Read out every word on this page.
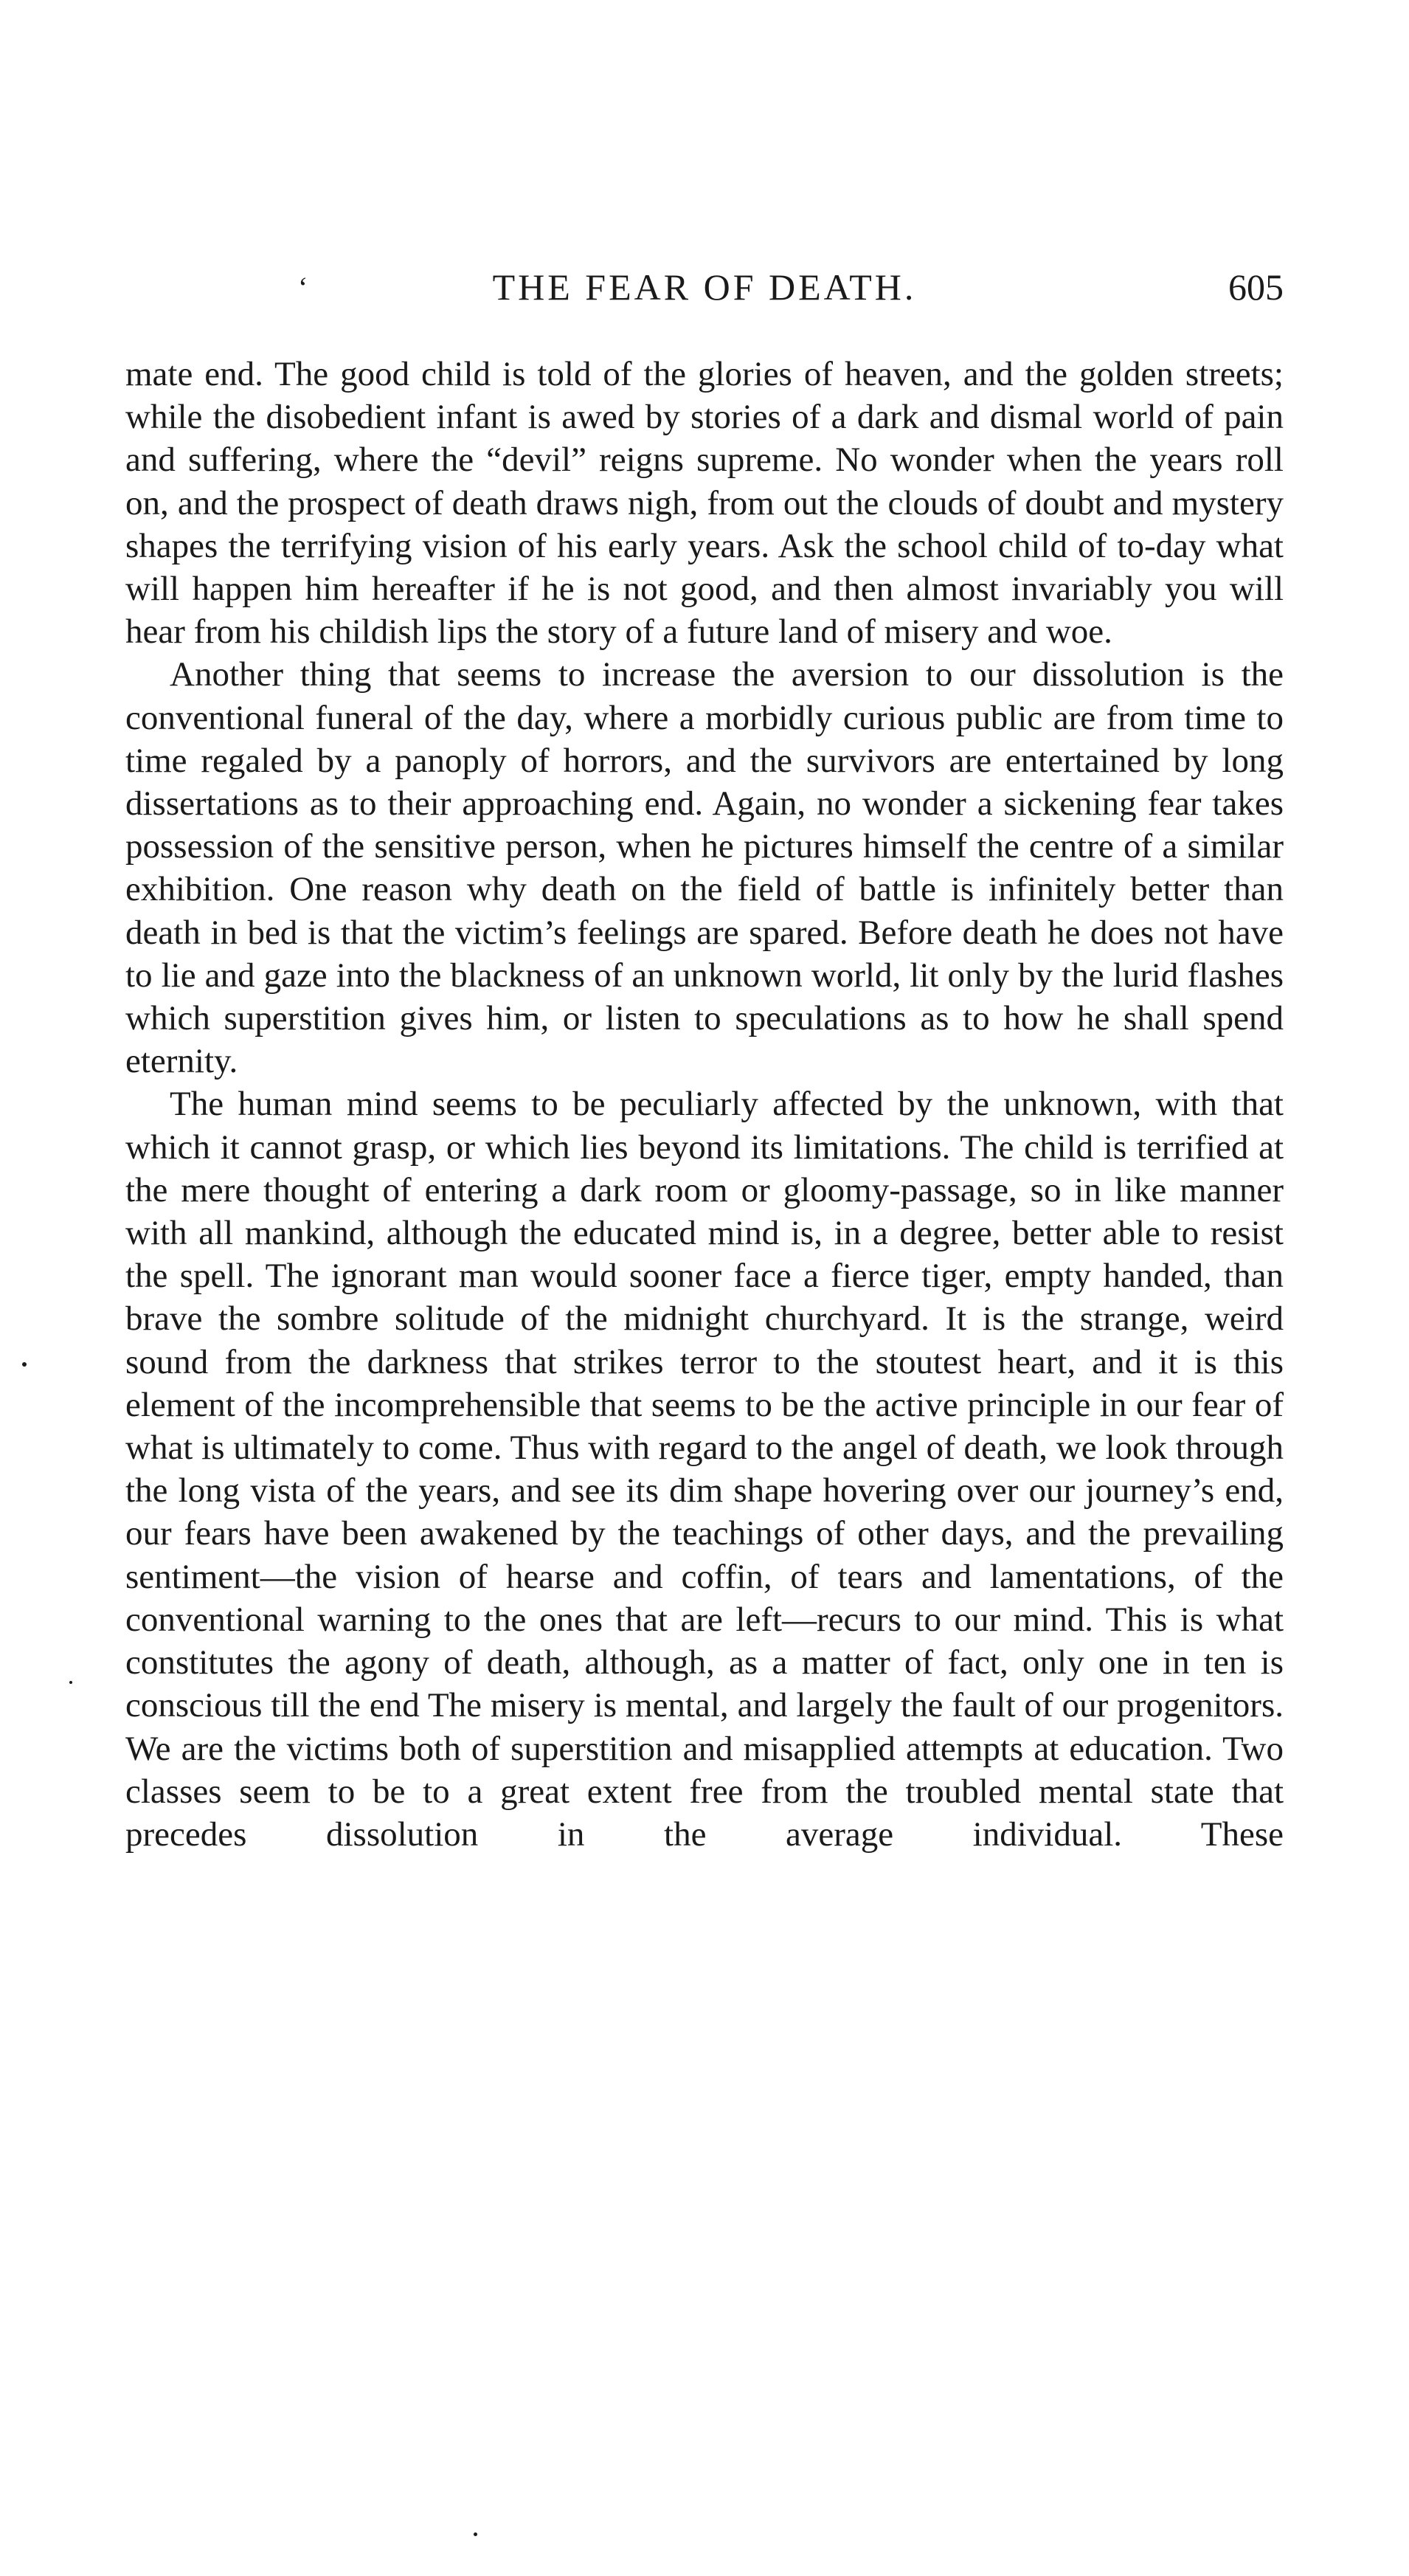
‘	THE FEAR OF DEATH.	605

mate end. The good child is told of the glories of heaven, and the golden streets; while the disobedient infant is awed by stories of a dark and dismal world of pain and suffering, where the “devil” reigns supreme. No wonder when the years roll on, and the prospect of death draws nigh, from out the clouds of doubt and mystery shapes the terrifying vision of his early years. Ask the school child of to-day what will happen him hereafter if he is not good, and then almost invariably you will hear from his childish lips the story of a future land of misery and woe.

Another thing that seems to increase the aversion to our dissolution is the conventional funeral of the day, where a morbidly curious public are from time to time regaled by a panoply of horrors, and the survivors are entertained by long dissertations as to their approaching end. Again, no wonder a sickening fear takes possession of the sensitive person, when he pictures himself the centre of a similar exhibition. One reason why death on the field of battle is infinitely better than death in bed is that the victim’s feelings are spared. Before death he does not have to lie and gaze into the blackness of an unknown world, lit only by the lurid flashes which superstition gives him, or listen to speculations as to how he shall spend eternity.

The human mind seems to be peculiarly affected by the unknown, with that which it cannot grasp, or which lies beyond its limitations. The child is terrified at the mere thought of entering a dark room or gloomy-passage, so in like manner with all mankind, although the educated mind is, in a degree, better able to resist the spell. The ignorant man would sooner face a fierce tiger, empty handed, than brave the sombre solitude of the midnight churchyard. It is the strange, weird sound from the darkness that strikes terror to the stoutest heart, and it is this element of the incomprehensible that seems to be the active principle in our fear of what is ultimately to come. Thus with regard to the angel of death, we look through the long vista of the years, and see its dim shape hovering over our journey’s end, our fears have been awakened by the teachings of other days, and the prevailing sentiment—the vision of hearse and coffin, of tears and lamentations, of the conventional warning to the ones that are left—recurs to our mind. This is what constitutes the agony of death, although, as a matter of fact, only one in ten is conscious till the end The misery is mental, and largely the fault of our progenitors. We are the victims both of superstition and misapplied attempts at education. Two classes seem to be to a great extent free from the troubled mental state that precedes dissolution in the average individual. These
